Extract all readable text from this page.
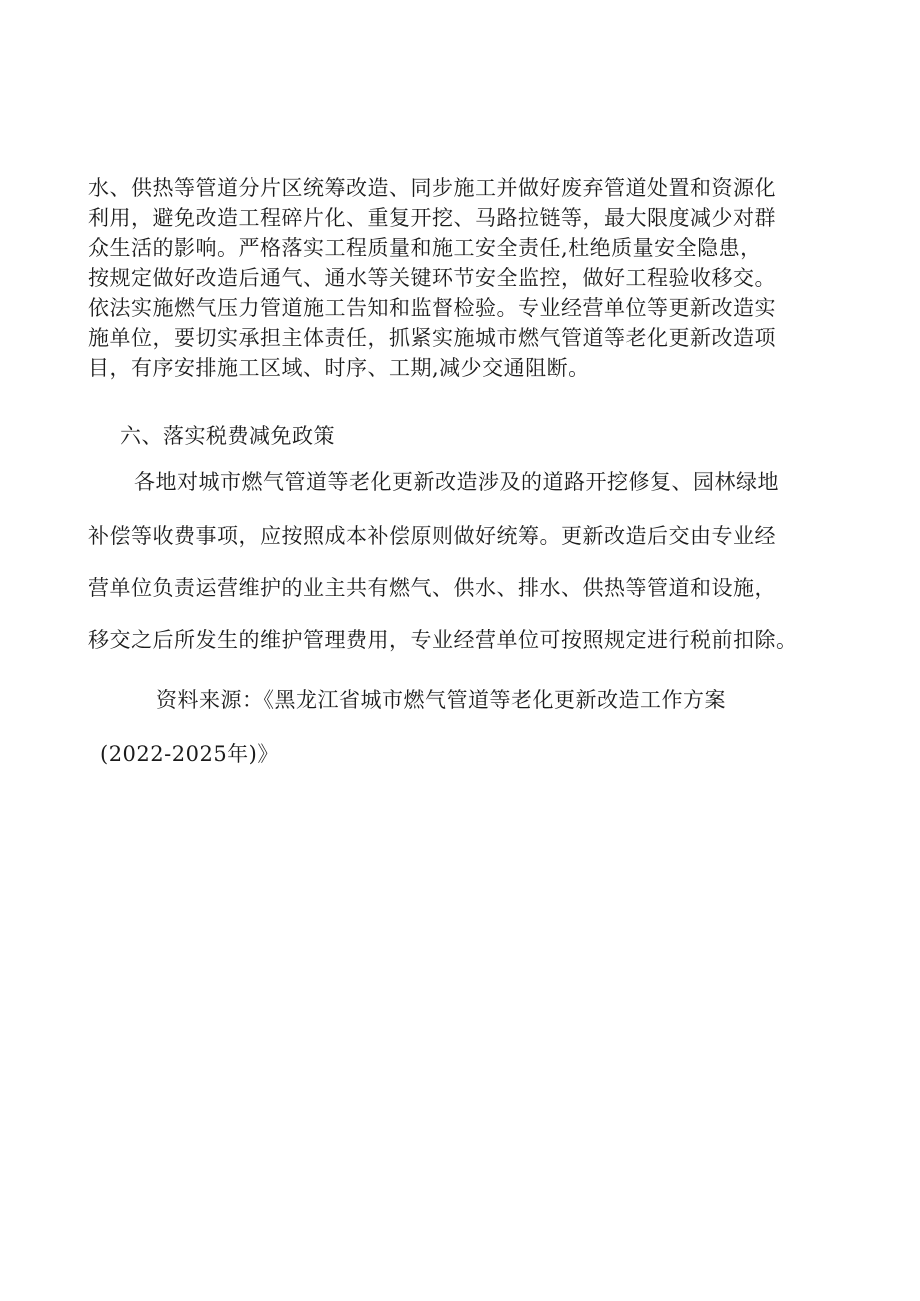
水、供热等管道分片区统筹改造、同步施工并做好废弃管道处置和资源化
利用，避免改造工程碎片化、重复开挖、马路拉链等，最大限度减少对群
众生活的影响。严格落实工程质量和施工安全责任,杜绝质量安全隐患，
按规定做好改造后通气、通水等关键环节安全监控，做好工程验收移交。
依法实施燃气压力管道施工告知和监督检验。专业经营单位等更新改造实
施单位，要切实承担主体责任，抓紧实施城市燃气管道等老化更新改造项
目，有序安排施工区域、时序、工期,减少交通阻断。
六、落实税费减免政策
各地对城市燃气管道等老化更新改造涉及的道路开挖修复、园林绿地
补偿等收费事项，应按照成本补偿原则做好统筹。更新改造后交由专业经
营单位负责运营维护的业主共有燃气、供水、排水、供热等管道和设施，
移交之后所发生的维护管理费用，专业经营单位可按照规定进行税前扣除。
资料来源：《黑龙江省城市燃气管道等老化更新改造工作方案
(2022-2025年)》
